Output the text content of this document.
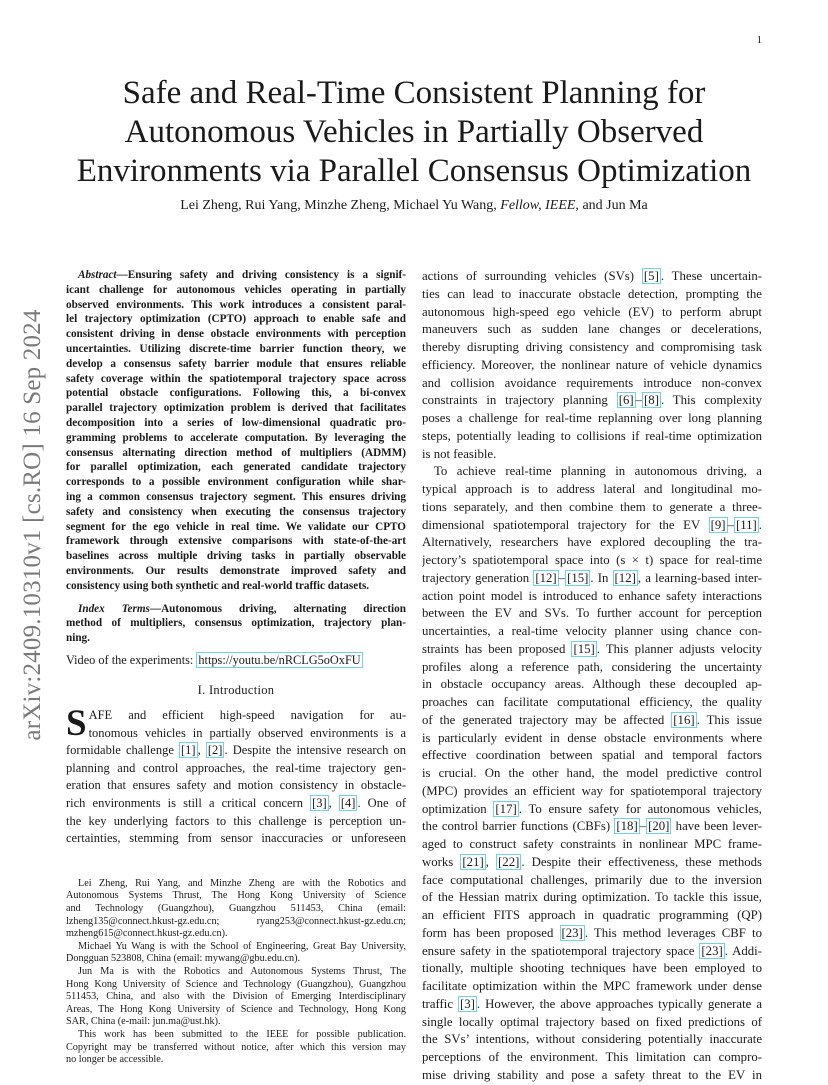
1
arXiv:2409.10310v1 [cs.RO] 16 Sep 2024
Safe and Real-Time Consistent Planning for
Autonomous Vehicles in Partially Observed
Environments via Parallel Consensus Optimization
Lei Zheng, Rui Yang, Minzhe Zheng, Michael Yu Wang, Fellow, IEEE, and Jun Ma
Abstract—Ensuring safety and driving consistency is a signif-
icant challenge for autonomous vehicles operating in partially
observed environments. This work introduces a consistent paral-
lel trajectory optimization (CPTO) approach to enable safe and
consistent driving in dense obstacle environments with perception
uncertainties. Utilizing discrete-time barrier function theory, we
develop a consensus safety barrier module that ensures reliable
safety coverage within the spatiotemporal trajectory space across
potential obstacle configurations. Following this, a bi-convex
parallel trajectory optimization problem is derived that facilitates
decomposition into a series of low-dimensional quadratic pro-
gramming problems to accelerate computation. By leveraging the
consensus alternating direction method of multipliers (ADMM)
for parallel optimization, each generated candidate trajectory
corresponds to a possible environment configuration while shar-
ing a common consensus trajectory segment. This ensures driving
safety and consistency when executing the consensus trajectory
segment for the ego vehicle in real time. We validate our CPTO
framework through extensive comparisons with state-of-the-art
baselines across multiple driving tasks in partially observable
environments. Our results demonstrate improved safety and
consistency using both synthetic and real-world traffic datasets.
Index Terms—Autonomous driving, alternating direction
method of multipliers, consensus optimization, trajectory plan-
ning.
Video of the experiments: https://youtu.be/nRCLG5oOxFU
I. Introduction
S AFE and efficient high-speed navigation for au-
tonomous vehicles in partially observed environments is a
formidable challenge [1] , [2] . Despite the intensive research on
planning and control approaches, the real-time trajectory gen-
eration that ensures safety and motion consistency in obstacle-
rich environments is still a critical concern [3] , [4] . One of
the key underlying factors to this challenge is perception un-
certainties, stemming from sensor inaccuracies or unforeseen
Lei Zheng, Rui Yang, and Minzhe Zheng are with the Robotics and
Autonomous Systems Thrust, The Hong Kong University of Science
and Technology (Guangzhou), Guangzhou 511453, China (email:
lzheng135@connect.hkust-gz.edu.cn; ryang253@connect.hkust-gz.edu.cn;
mzheng615@connect.hkust-gz.edu.cn).
Michael Yu Wang is with the School of Engineering, Great Bay University,
Dongguan 523808, China (email: mywang@gbu.edu.cn).
Jun Ma is with the Robotics and Autonomous Systems Thrust, The
Hong Kong University of Science and Technology (Guangzhou), Guangzhou
511453, China, and also with the Division of Emerging Interdisciplinary
Areas, The Hong Kong University of Science and Technology, Hong Kong
SAR, China (e-mail: jun.ma@ust.hk).
This work has been submitted to the IEEE for possible publication.
Copyright may be transferred without notice, after which this version may
no longer be accessible.
actions of surrounding vehicles (SVs) [5] . These uncertain-
ties can lead to inaccurate obstacle detection, prompting the
autonomous high-speed ego vehicle (EV) to perform abrupt
maneuvers such as sudden lane changes or decelerations,
thereby disrupting driving consistency and compromising task
efficiency. Moreover, the nonlinear nature of vehicle dynamics
and collision avoidance requirements introduce non-convex
constraints in trajectory planning [6] – [8] . This complexity
poses a challenge for real-time replanning over long planning
steps, potentially leading to collisions if real-time optimization
is not feasible.
To achieve real-time planning in autonomous driving, a
typical approach is to address lateral and longitudinal mo-
tions separately, and then combine them to generate a three-
dimensional spatiotemporal trajectory for the EV [9] – [11] .
Alternatively, researchers have explored decoupling the tra-
jectory’s spatiotemporal space into (s × t) space for real-time
trajectory generation [12] – [15] . In [12] , a learning-based inter-
action point model is introduced to enhance safety interactions
between the EV and SVs. To further account for perception
uncertainties, a real-time velocity planner using chance con-
straints has been proposed [15] . This planner adjusts velocity
profiles along a reference path, considering the uncertainty
in obstacle occupancy areas. Although these decoupled ap-
proaches can facilitate computational efficiency, the quality
of the generated trajectory may be affected [16] . This issue
is particularly evident in dense obstacle environments where
effective coordination between spatial and temporal factors
is crucial. On the other hand, the model predictive control
(MPC) provides an efficient way for spatiotemporal trajectory
optimization [17] . To ensure safety for autonomous vehicles,
the control barrier functions (CBFs) [18] – [20] have been lever-
aged to construct safety constraints in nonlinear MPC frame-
works [21] , [22] . Despite their effectiveness, these methods
face computational challenges, primarily due to the inversion
of the Hessian matrix during optimization. To tackle this issue,
an efficient FITS approach in quadratic programming (QP)
form has been proposed [23] . This method leverages CBF to
ensure safety in the spatiotemporal trajectory space [23] . Addi-
tionally, multiple shooting techniques have been employed to
facilitate optimization within the MPC framework under dense
traffic [3] . However, the above approaches typically generate a
single locally optimal trajectory based on fixed predictions of
the SVs’ intentions, without considering potentially inaccurate
perceptions of the environment. This limitation can compro-
mise driving stability and pose a safety threat to the EV in
